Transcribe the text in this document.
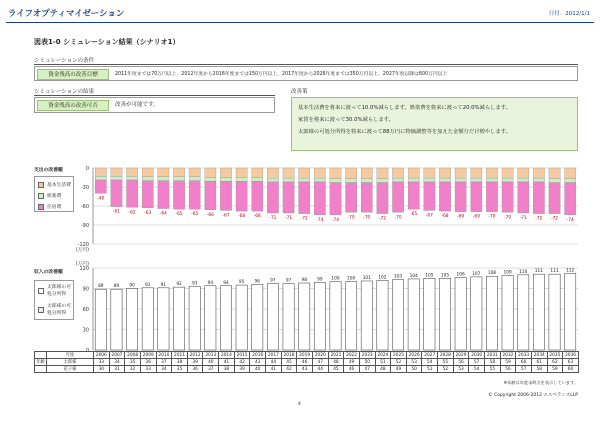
ライフオプティマイゼーション	日付：2012/1/1
図表1-0 シミュレーション結果（シナリオ1）
シミュレーションの条件
資金残高の改善目標	2011年度までは70万円以上、2012年度から2016年度までは150万円以上、2017年度から2026年度までは350万円以上、2027年度以降は600万円以上
シミュレーションの結果
資金残高の改善可否	改善が可能です。
改善策
基本生活費を将来に渡って10.0%減らします。娯楽費を将来に渡って20.0%減らします。
家賃を将来に渡って30.0%減らします。
太郎様の可処分所得を将来に渡って88万円に物価調整等を加えた金額分だけ増やします。
支出の改善額
基本生活費
娯楽費
住居費
収入の改善額
太郎様の可処分所得
太郎様の可処分所得
0
-30
-60
-90
-120
(万円)
-40
-61 -62 -63 -64 -65 -65 -66 -67 -68 -68 -71 -71 -72 -74 -74
-70 -70 -72 -70
-65 -67 -68 -69 -69 -70 -70 -71 -72 -72 -74
120
90
60
30
0
(万円)
89 89 90 91 91 92 93 94 94 95 96 97 97 98 99 100 100 101 102 103 104 105 105 106 107 108 109 110 111 111 112
	年度	2006	2007	2008	2009	2010	2011	2012	2013	2014	2015	2016	2017	2018	2019	2020	2021	2022	2023	2024	2025	2026	2027	2028	2029	2030	2031	2032	2033	2034	2035	2036
年齢	太郎様	33	34	35	36	37	38	39	40	41	42	43	44	45	46	47	48	49	50	51	52	53	54	55	56	57	58	59	60	61	62	63
	花子様	30	31	32	33	34	35	36	37	38	39	40	41	42	43	44	45	46	47	48	49	50	51	52	53	54	55	56	57	58	59	60
※年齢は年度末時点を表示しています。
© Copyright 2006-2012 エスペランスLLP
4
